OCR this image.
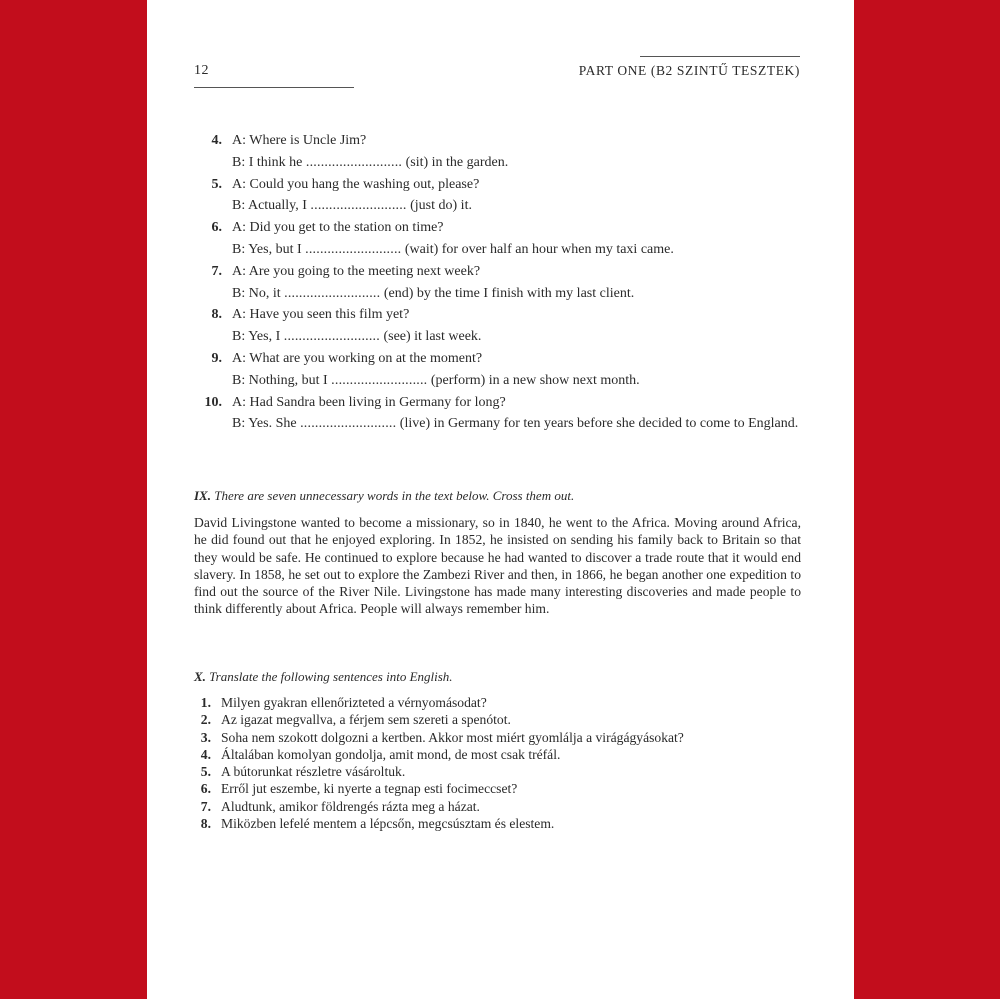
12	PART ONE (B2 SZINTŰ TESZTEK)
4. A: Where is Uncle Jim?
B: I think he .......................... (sit) in the garden.
5. A: Could you hang the washing out, please?
B: Actually, I .......................... (just do) it.
6. A: Did you get to the station on time?
B: Yes, but I .......................... (wait) for over half an hour when my taxi came.
7. A: Are you going to the meeting next week?
B: No, it .......................... (end) by the time I finish with my last client.
8. A: Have you seen this film yet?
B: Yes, I .......................... (see) it last week.
9. A: What are you working on at the moment?
B: Nothing, but I .......................... (perform) in a new show next month.
10. A: Had Sandra been living in Germany for long?
B: Yes. She .......................... (live) in Germany for ten years before she decided to come to England.
IX. There are seven unnecessary words in the text below. Cross them out.
David Livingstone wanted to become a missionary, so in 1840, he went to the Africa. Moving around Africa, he did found out that he enjoyed exploring. In 1852, he insisted on sending his family back to Britain so that they would be safe. He continued to explore because he had wanted to discover a trade route that it would end slavery. In 1858, he set out to explore the Zambezi River and then, in 1866, he began another one expedition to find out the source of the River Nile. Livingstone has made many interesting discoveries and made people to think differently about Africa. People will always remember him.
X. Translate the following sentences into English.
1. Milyen gyakran ellenőrizteted a vérnyomásodat?
2. Az igazat megvallva, a férjem sem szereti a spenótot.
3. Soha nem szokott dolgozni a kertben. Akkor most miért gyomlálja a virágágyásokat?
4. Általában komolyan gondolja, amit mond, de most csak tréfál.
5. A bútorunkat részletre vásároltuk.
6. Erről jut eszembe, ki nyerte a tegnap esti focimeccset?
7. Aludtunk, amikor földrengés rázta meg a házat.
8. Miközben lefelé mentem a lépcsőn, megcsúsztam és elestem.
